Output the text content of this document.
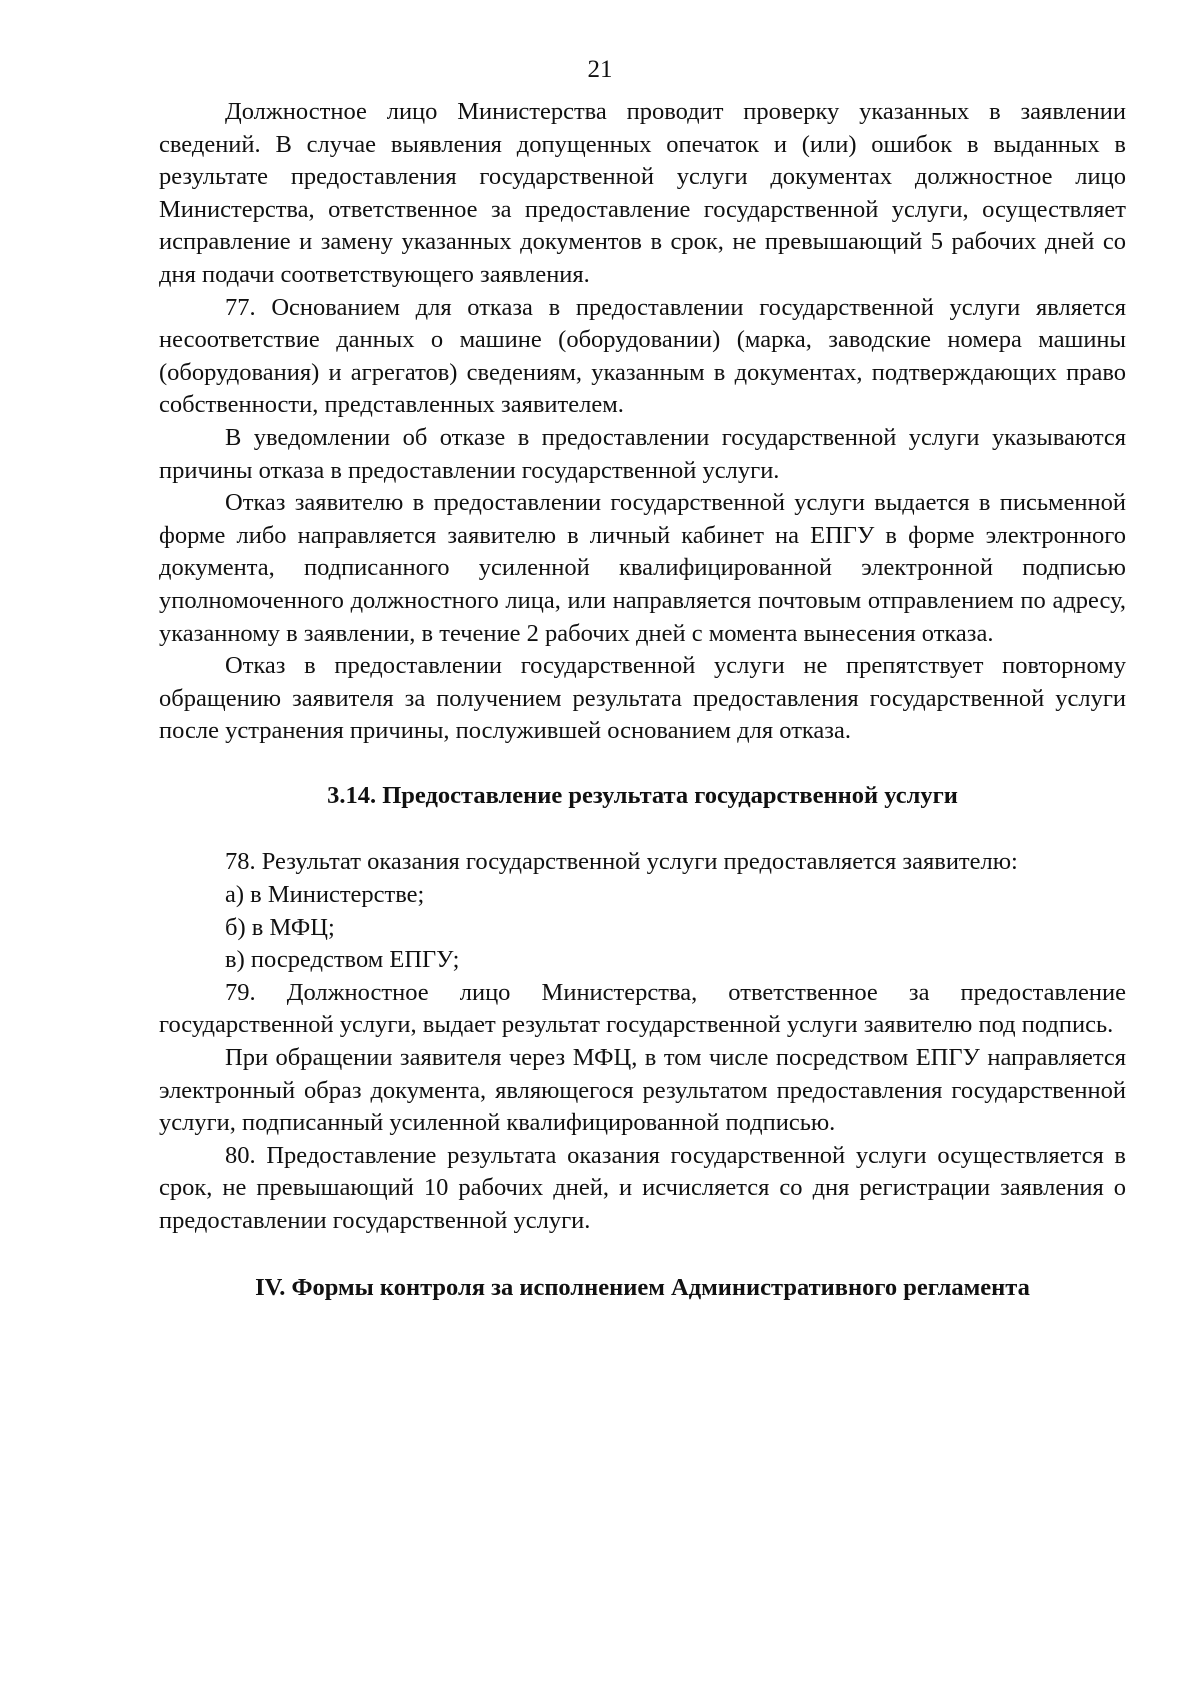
21

Должностное лицо Министерства проводит проверку указанных в заявлении сведений. В случае выявления допущенных опечаток и (или) ошибок в выданных в результате предоставления государственной услуги документах должностное лицо Министерства, ответственное за предоставление государственной услуги, осуществляет исправление и замену указанных документов в срок, не превышающий 5 рабочих дней со дня подачи соответствующего заявления.

77. Основанием для отказа в предоставлении государственной услуги является несоответствие данных о машине (оборудовании) (марка, заводские номера машины (оборудования) и агрегатов) сведениям, указанным в документах, подтверждающих право собственности, представленных заявителем.

В уведомлении об отказе в предоставлении государственной услуги указываются причины отказа в предоставлении государственной услуги.

Отказ заявителю в предоставлении государственной услуги выдается в письменной форме либо направляется заявителю в личный кабинет на ЕПГУ в форме электронного документа, подписанного усиленной квалифицированной электронной подписью уполномоченного должностного лица, или направляется почтовым отправлением по адресу, указанному в заявлении, в течение 2 рабочих дней с момента вынесения отказа.

Отказ в предоставлении государственной услуги не препятствует повторному обращению заявителя за получением результата предоставления государственной услуги после устранения причины, послужившей основанием для отказа.

3.14. Предоставление результата государственной услуги

78. Результат оказания государственной услуги предоставляется заявителю:

а) в Министерстве;

б) в МФЦ;

в) посредством ЕПГУ;

79. Должностное лицо Министерства, ответственное за предоставление государственной услуги, выдает результат государственной услуги заявителю под подпись.

При обращении заявителя через МФЦ, в том числе посредством ЕПГУ направляется электронный образ документа, являющегося результатом предоставления государственной услуги, подписанный усиленной квалифицированной подписью.

80. Предоставление результата оказания государственной услуги осуществляется в срок, не превышающий 10 рабочих дней, и исчисляется со дня регистрации заявления о предоставлении государственной услуги.

IV. Формы контроля за исполнением Административного регламента
